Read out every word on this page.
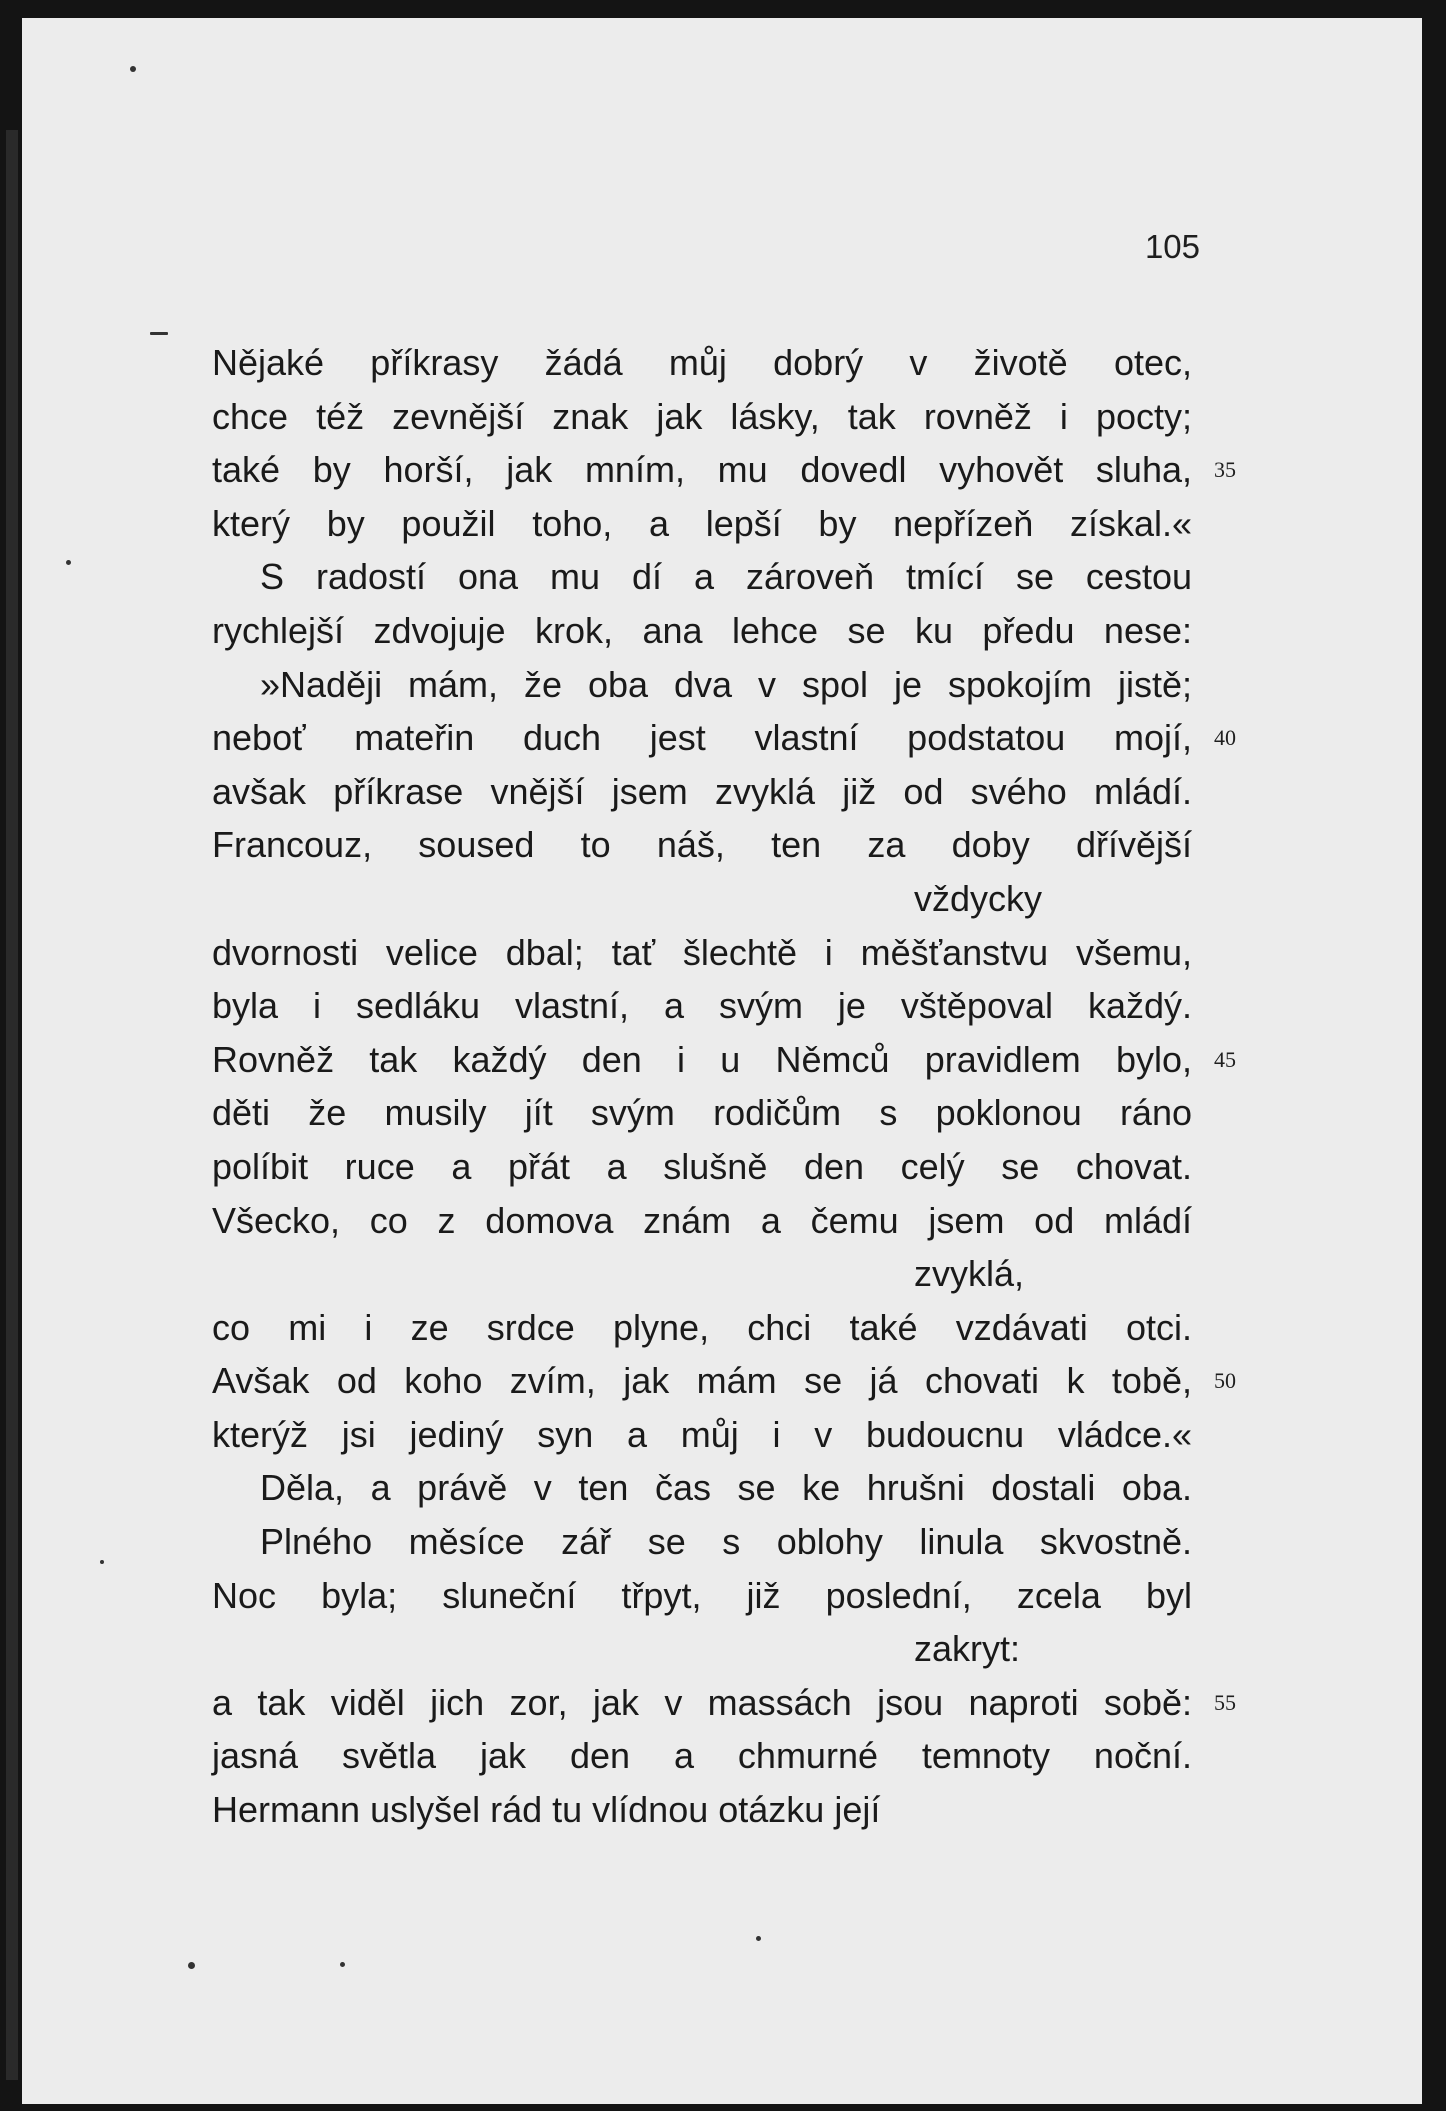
105
Nějaké příkrasy žádá můj dobrý v životě otec,
chce též zevnější znak jak lásky, tak rovněž i pocty;
také by horší, jak mním, mu dovedl vyhovět sluha, 35
který by použil toho, a lepší by nepřízeň získal.«
S radostí ona mu dí a zároveň tmící se cestou
rychlejší zdvojuje krok, ana lehce se ku předu nese:
»Naději mám, že oba dva v spol je spokojím jistě;
neboť mateřin duch jest vlastní podstatou mojí, 40
avšak příkrase vnější jsem zvyklá již od svého mládí.
Francouz, soused to náš, ten za doby dřívější
vždycky
dvornosti velice dbal; tať šlechtě i měšťanstvu všemu,
byla i sedláku vlastní, a svým je vštěpoval každý.
Rovněž tak každý den i u Němců pravidlem bylo, 45
děti že musily jít svým rodičům s poklonou ráno
políbit ruce a přát a slušně den celý se chovat.
Všecko, co z domova znám a čemu jsem od mládí
zvyklá,
co mi i ze srdce plyne, chci také vzdávati otci.
Avšak od koho zvím, jak mám se já chovati k tobě, 50
kterýž jsi jediný syn a můj i v budoucnu vládce.«
Děla, a právě v ten čas se ke hrušni dostali oba.
Plného měsíce zář se s oblohy linula skvostně.
Noc byla; sluneční třpyt, již poslední, zcela byl
zakryt:
a tak viděl jich zor, jak v massách jsou naproti sobě: 55
jasná světla jak den a chmurné temnoty noční.
Hermann uslyšel rád tu vlídnou otázku její
